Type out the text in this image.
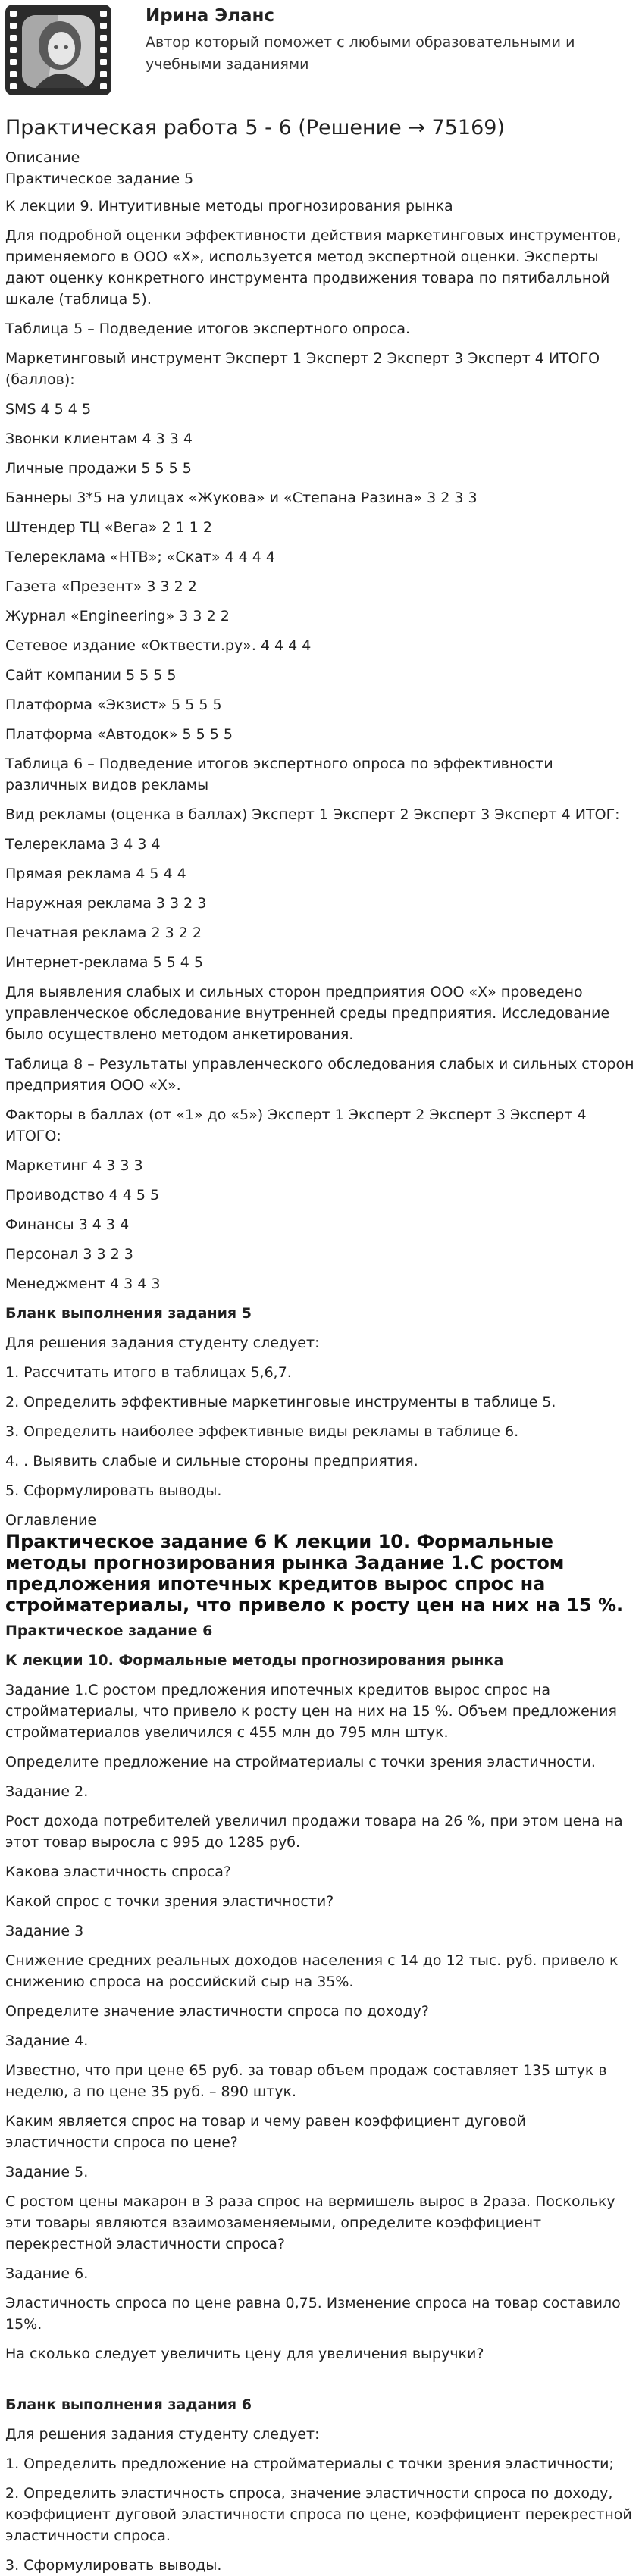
Ирина Эланс
Автор который поможет с любыми образовательными и учебными заданиями
Практическая работа 5 - 6 (Решение → 75169)
Описание
Практическое задание 5

К лекции 9. Интуитивные методы прогнозирования рынка

Для подробной оценки эффективности действия маркетинговых инструментов, применяемого в ООО «Х», используется метод экспертной оценки. Эксперты дают оценку конкретного инструмента продвижения товара по пятибалльной шкале (таблица 5).

Таблица 5 – Подведение итогов экспертного опроса.

Маркетинговый инструмент Эксперт 1 Эксперт 2 Эксперт 3 Эксперт 4 ИТОГО (баллов):

SMS 4 5 4 5

Звонки клиентам 4 3 3 4

Личные продажи 5 5 5 5

Баннеры 3*5 на улицах «Жукова» и «Степана Разина» 3 2 3 3

Штендер ТЦ «Вега» 2 1 1 2

Телереклама «НТВ»; «Скат» 4 4 4 4

Газета «Презент» 3 3 2 2

Журнал «Engineering» 3 3 2 2

Сетевое издание «Октвести.ру». 4 4 4 4

Сайт компании 5 5 5 5

Платформа «Экзист» 5 5 5 5

Платформа «Автодок» 5 5 5 5

Таблица 6 – Подведение итогов экспертного опроса по эффективности различных видов рекламы

Вид рекламы (оценка в баллах) Эксперт 1 Эксперт 2 Эксперт 3 Эксперт 4 ИТОГ:

Телереклама 3 4 3 4

Прямая реклама 4 5 4 4

Наружная реклама 3 3 2 3

Печатная реклама 2 3 2 2

Интернет-реклама 5 5 4 5

Для выявления слабых и сильных сторон предприятия ООО «Х» проведено управленческое обследование внутренней среды предприятия. Исследование было осуществлено методом анкетирования.

Таблица 8 – Результаты управленческого обследования слабых и сильных сторон предприятия ООО «Х».

Факторы в баллах (от «1» до «5») Эксперт 1 Эксперт 2 Эксперт 3 Эксперт 4 ИТОГО:

Маркетинг 4 3 3 3

Проиводство 4 4 5 5

Финансы 3 4 3 4

Персонал 3 3 2 3

Менеджмент 4 3 4 3

Бланк выполнения задания 5

Для решения задания студенту следует:

1. Рассчитать итого в таблицах 5,6,7.

2. Определить эффективные маркетинговые инструменты в таблице 5.

3. Определить наиболее эффективные виды рекламы в таблице 6.

4. . Выявить слабые и сильные стороны предприятия.

5. Сформулировать выводы.

Оглавление
Практическое задание 6 К лекции 10. Формальные методы прогнозирования рынка Задание 1.С ростом предложения ипотечных кредитов вырос спрос на стройматериалы, что привело к росту цен на них на 15 %.

Практическое задание 6

К лекции 10. Формальные методы прогнозирования рынка

Задание 1.С ростом предложения ипотечных кредитов вырос спрос на стройматериалы, что привело к росту цен на них на 15 %. Объем предложения стройматериалов увеличился с 455 млн до 795 млн штук.

Определите предложение на стройматериалы с точки зрения эластичности.

Задание 2.

Рост дохода потребителей увеличил продажи товара на 26 %, при этом цена на этот товар выросла с 995 до 1285 руб.

Какова эластичность спроса?

Какой спрос с точки зрения эластичности?

Задание 3

Снижение средних реальных доходов населения с 14 до 12 тыс. руб. привело к снижению спроса на российский сыр на 35%.

Определите значение эластичности спроса по доходу?

Задание 4.

Известно, что при цене 65 руб. за товар объем продаж составляет 135 штук в неделю, а по цене 35 руб. – 890 штук.

Каким является спрос на товар и чему равен коэффициент дуговой эластичности спроса по цене?

Задание 5.

С ростом цены макарон в 3 раза спрос на вермишель вырос в 2раза. Поскольку эти товары являются взаимозаменяемыми, определите коэффициент перекрестной эластичности спроса?

Задание 6.

Эластичность спроса по цене равна 0,75. Изменение спроса на товар составило 15%.

На сколько следует увеличить цену для увеличения выручки?

Бланк выполнения задания 6

Для решения задания студенту следует:

1. Определить предложение на стройматериалы с точки зрения эластичности;

2. Определить эластичность спроса, значение эластичности спроса по доходу, коэффициент дуговой эластичности спроса по цене, коэффициент перекрестной эластичности спроса.

3. Сформулировать выводы.
